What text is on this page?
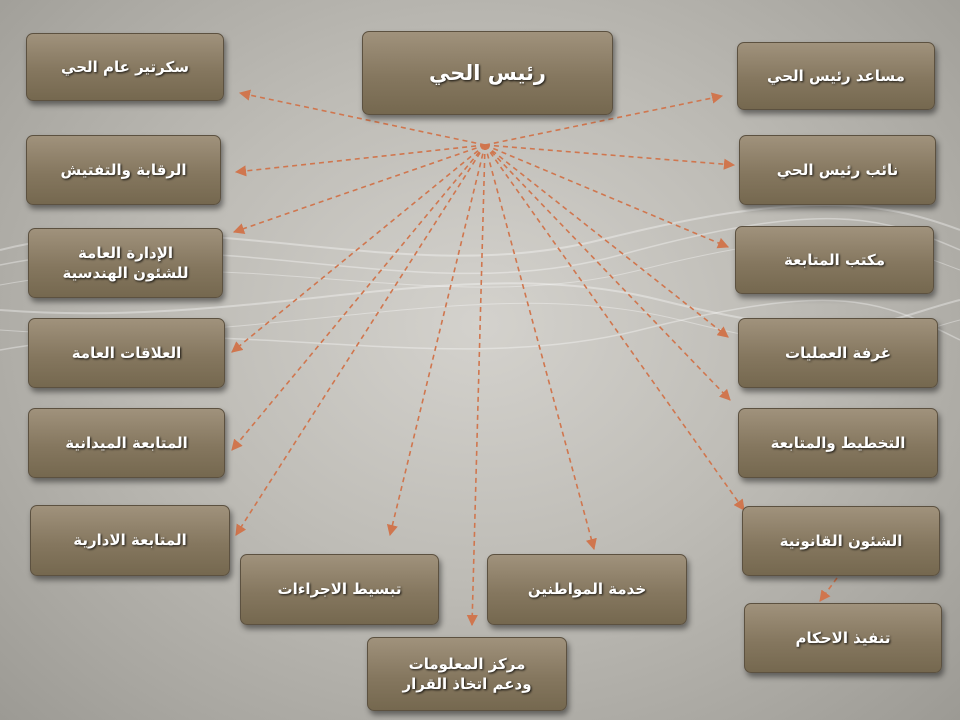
رئيس الحي
سكرتير عام الحي
الرقابة والتفتيش
الإدارة العامة
للشئون الهندسية
العلاقات العامة
المتابعة الميدانية
المتابعة الادارية
مساعد رئيس الحي
نائب رئيس الحي
مكتب المتابعة
غرفة العمليات
التخطيط والمتابعة
الشئون القانونية
تنفيذ الاحكام
تبسيط الاجراءات	خدمة المواطنين
مركز المعلومات
ودعم اتخاذ القرار
